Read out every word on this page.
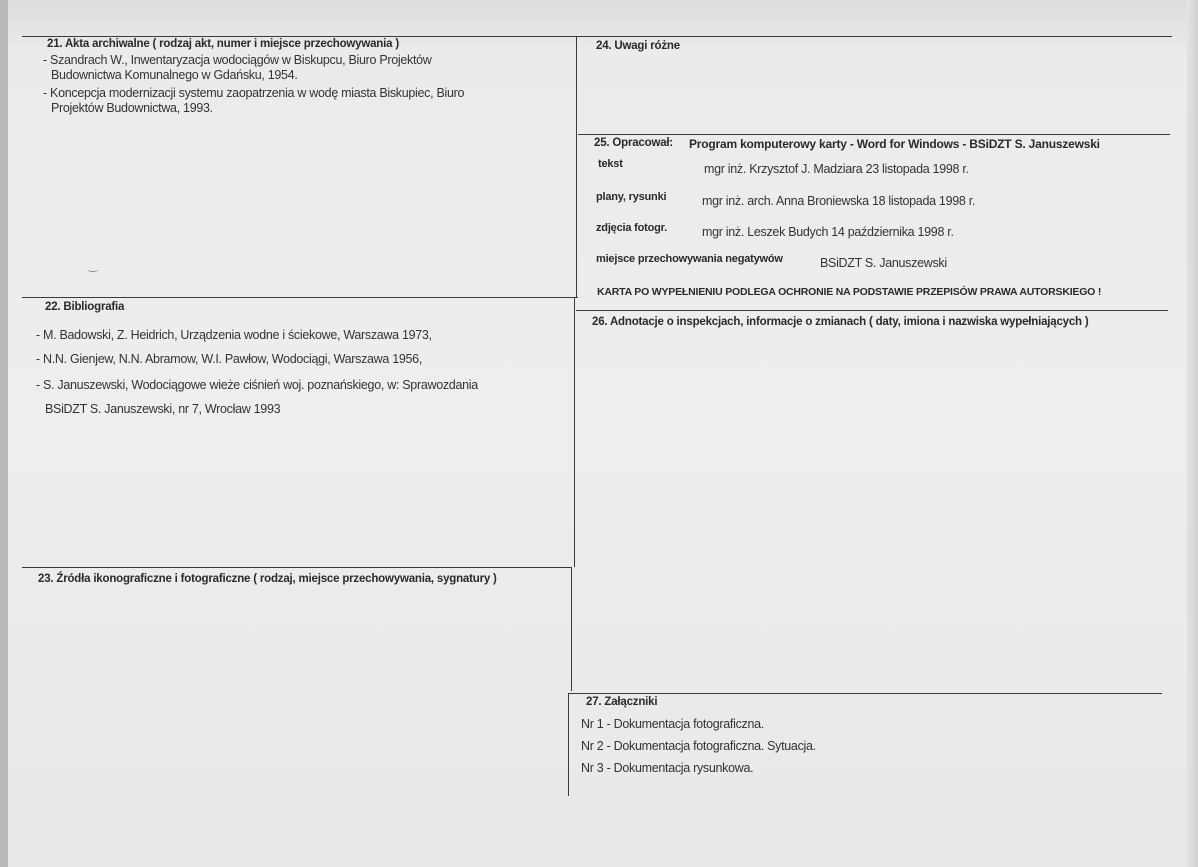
21. Akta archiwalne ( rodzaj akt, numer i miejsce przechowywania )
- Szandrach W., Inwentaryzacja wodociągów w Biskupcu, Biuro Projektów
Budownictwa Komunalnego w Gdańsku, 1954.
- Koncepcja modernizacji systemu zaopatrzenia w wodę miasta Biskupiec, Biuro
Projektów Budownictwa, 1993.
24. Uwagi różne
25. Opracował: Program komputerowy karty - Word for Windows - BSiDZT S. Januszewski
tekst	mgr inż. Krzysztof J. Madziara 23 listopada 1998 r.
plany, rysunki	mgr inż. arch. Anna Broniewska 18 listopada 1998 r.
zdjęcia fotogr.	mgr inż. Leszek Budych 14 października 1998 r.
miejsce przechowywania negatywów	BSiDZT S. Januszewski
KARTA PO WYPEŁNIENIU PODLEGA OCHRONIE NA PODSTAWIE PRZEPISÓW PRAWA AUTORSKIEGO !
22. Bibliografia
- M. Badowski, Z. Heidrich, Urządzenia wodne i ściekowe, Warszawa 1973,
- N.N. Gienjew, N.N. Abramow, W.I. Pawłow, Wodociągi, Warszawa 1956,
- S. Januszewski, Wodociągowe wieże ciśnień woj. poznańskiego, w: Sprawozdania
BSiDZT S. Januszewski, nr 7, Wrocław 1993
26. Adnotacje o inspekcjach, informacje o zmianach ( daty, imiona i nazwiska wypełniających )
23. Źródła ikonograficzne i fotograficzne ( rodzaj, miejsce przechowywania, sygnatury )
27. Załączniki
Nr 1 - Dokumentacja fotograficzna.
Nr 2 - Dokumentacja fotograficzna. Sytuacja.
Nr 3 - Dokumentacja rysunkowa.
‿
